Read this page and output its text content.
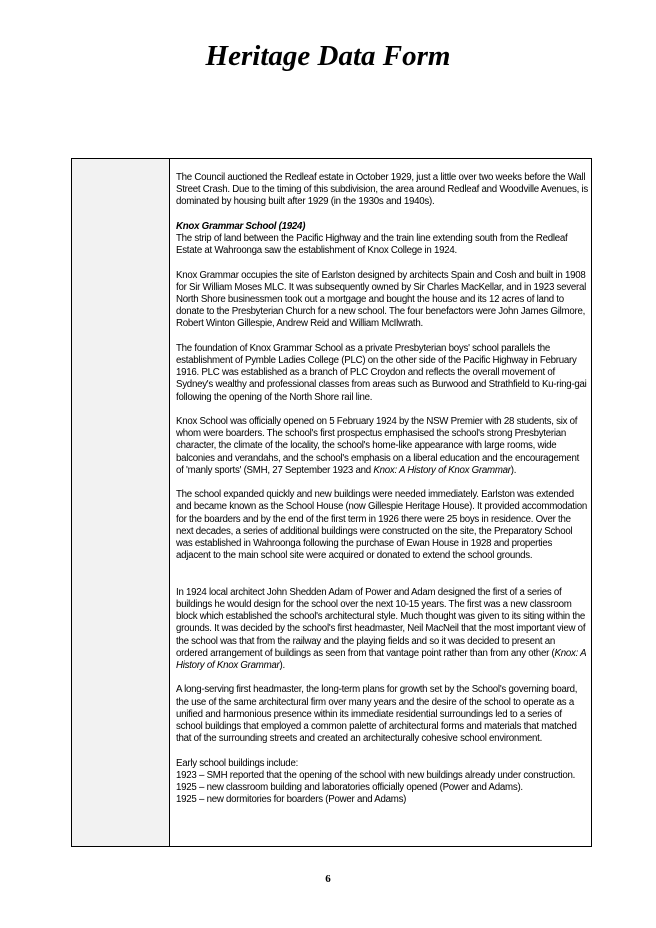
Heritage Data Form

The Council auctioned the Redleaf estate in October 1929, just a little over two weeks before the Wall Street Crash. Due to the timing of this subdivision, the area around Redleaf and Woodville Avenues, is dominated by housing built after 1929 (in the 1930s and 1940s).

Knox Grammar School (1924)
The strip of land between the Pacific Highway and the train line extending south from the Redleaf Estate at Wahroonga saw the establishment of Knox College in 1924.

Knox Grammar occupies the site of Earlston designed by architects Spain and Cosh and built in 1908 for Sir William Moses MLC. It was subsequently owned by Sir Charles MacKellar, and in 1923 several North Shore businessmen took out a mortgage and bought the house and its 12 acres of land to donate to the Presbyterian Church for a new school. The four benefactors were John James Gilmore, Robert Winton Gillespie, Andrew Reid and William McIlwrath.

The foundation of Knox Grammar School as a private Presbyterian boys' school parallels the establishment of Pymble Ladies College (PLC) on the other side of the Pacific Highway in February 1916. PLC was established as a branch of PLC Croydon and reflects the overall movement of Sydney's wealthy and professional classes from areas such as Burwood and Strathfield to Ku-ring-gai following the opening of the North Shore rail line.

Knox School was officially opened on 5 February 1924 by the NSW Premier with 28 students, six of whom were boarders. The school's first prospectus emphasised the school's strong Presbyterian character, the climate of the locality, the school's home-like appearance with large rooms, wide balconies and verandahs, and the school's emphasis on a liberal education and the encouragement of 'manly sports' (SMH, 27 September 1923 and Knox: A History of Knox Grammar).

The school expanded quickly and new buildings were needed immediately. Earlston was extended and became known as the School House (now Gillespie Heritage House). It provided accommodation for the boarders and by the end of the first term in 1926 there were 25 boys in residence. Over the next decades, a series of additional buildings were constructed on the site, the Preparatory School was established in Wahroonga following the purchase of Ewan House in 1928 and properties adjacent to the main school site were acquired or donated to extend the school grounds.

In 1924 local architect John Shedden Adam of Power and Adam designed the first of a series of buildings he would design for the school over the next 10-15 years. The first was a new classroom block which established the school's architectural style. Much thought was given to its siting within the grounds. It was decided by the school's first headmaster, Neil MacNeil that the most important view of the school was that from the railway and the playing fields and so it was decided to present an ordered arrangement of buildings as seen from that vantage point rather than from any other (Knox: A History of Knox Grammar).

A long-serving first headmaster, the long-term plans for growth set by the School's governing board, the use of the same architectural firm over many years and the desire of the school to operate as a unified and harmonious presence within its immediate residential surroundings led to a series of school buildings that employed a common palette of architectural forms and materials that matched that of the surrounding streets and created an architecturally cohesive school environment.

Early school buildings include:
1923 – SMH reported that the opening of the school with new buildings already under construction.
1925 – new classroom building and laboratories officially opened (Power and Adams).
1925 – new dormitories for boarders (Power and Adams)
6
